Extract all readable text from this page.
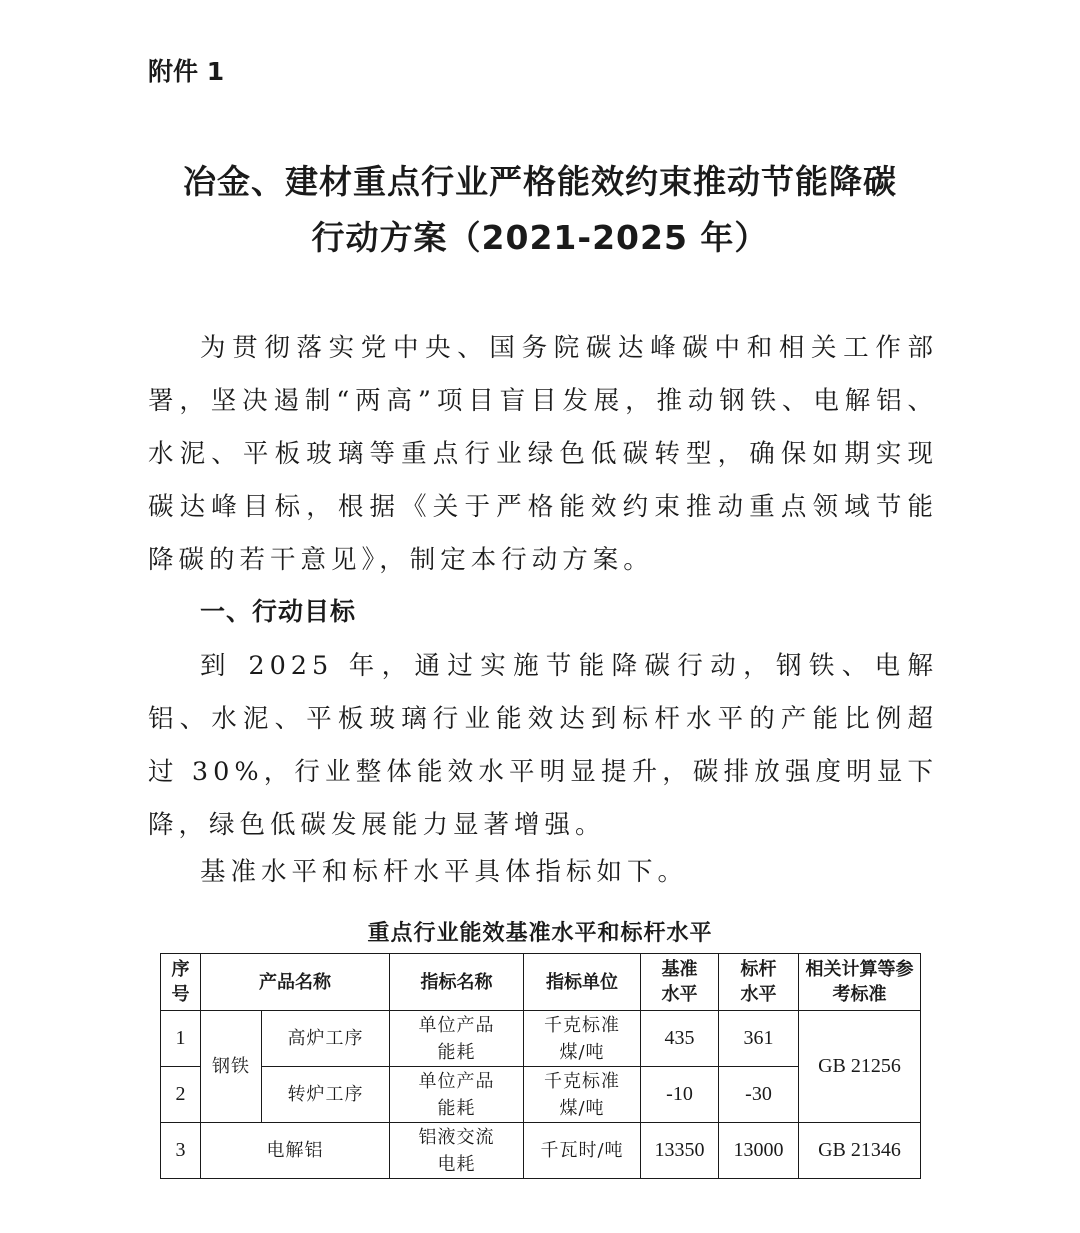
附件 1
冶金、建材重点行业严格能效约束推动节能降碳
行动方案（2021-2025 年）
为贯彻落实党中央、国务院碳达峰碳中和相关工作部署，坚决遏制“两高”项目盲目发展，推动钢铁、电解铝、水泥、平板玻璃等重点行业绿色低碳转型，确保如期实现碳达峰目标，根据《关于严格能效约束推动重点领域节能降碳的若干意见》，制定本行动方案。
一、行动目标
到 2025 年，通过实施节能降碳行动，钢铁、电解铝、水泥、平板玻璃行业能效达到标杆水平的产能比例超过 30%，行业整体能效水平明显提升，碳排放强度明显下降，绿色低碳发展能力显著增强。
基准水平和标杆水平具体指标如下。
重点行业能效基准水平和标杆水平
序号	产品名称		指标名称	指标单位	基准水平	标杆水平	相关计算等参考标准
1	钢铁	高炉工序	单位产品能耗	千克标准煤/吨	435	361	GB 21256
2		转炉工序	单位产品能耗	千克标准煤/吨	-10	-30	
3	电解铝		铝液交流电耗	千瓦时/吨	13350	13000	GB 21346
